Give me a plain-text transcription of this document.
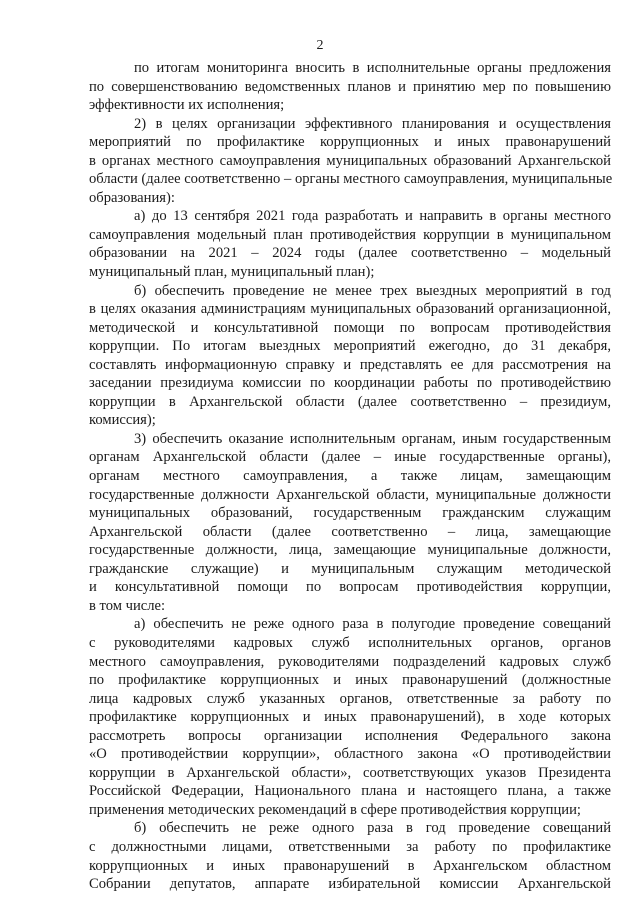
2
по итогам мониторинга вносить в исполнительные органы предложения
по совершенствованию ведомственных планов и принятию мер по повышению
эффективности их исполнения;
2) в целях организации эффективного планирования и осуществления
мероприятий по профилактике коррупционных и иных правонарушений
в органах местного самоуправления муниципальных образований Архангельской
области (далее соответственно – органы местного самоуправления, муниципальные
образования):
а) до 13 сентября 2021 года разработать и направить в органы местного
самоуправления модельный план противодействия коррупции в муниципальном
образовании на 2021 – 2024 годы (далее соответственно – модельный
муниципальный план, муниципальный план);
б) обеспечить проведение не менее трех выездных мероприятий в год
в целях оказания администрациям муниципальных образований организационной,
методической и консультативной помощи по вопросам противодействия
коррупции. По итогам выездных мероприятий ежегодно, до 31 декабря,
составлять информационную справку и представлять ее для рассмотрения на
заседании президиума комиссии по координации работы по противодействию
коррупции в Архангельской области (далее соответственно – президиум,
комиссия);
3) обеспечить оказание исполнительным органам, иным государственным
органам Архангельской области (далее – иные государственные органы),
органам местного самоуправления, а также лицам, замещающим
государственные должности Архангельской области, муниципальные должности
муниципальных образований, государственным гражданским служащим
Архангельской области (далее соответственно – лица, замещающие
государственные должности, лица, замещающие муниципальные должности,
гражданские служащие) и муниципальным служащим методической
и консультативной помощи по вопросам противодействия коррупции,
в том числе:
а) обеспечить не реже одного раза в полугодие проведение совещаний
с руководителями кадровых служб исполнительных органов, органов
местного самоуправления, руководителями подразделений кадровых служб
по профилактике коррупционных и иных правонарушений (должностные
лица кадровых служб указанных органов, ответственные за работу по
профилактике коррупционных и иных правонарушений), в ходе которых
рассмотреть вопросы организации исполнения Федерального закона
«О противодействии коррупции», областного закона «О противодействии
коррупции в Архангельской области», соответствующих указов Президента
Российской Федерации, Национального плана и настоящего плана, а также
применения методических рекомендаций в сфере противодействия коррупции;
б) обеспечить не реже одного раза в год проведение совещаний
с должностными лицами, ответственными за работу по профилактике
коррупционных и иных правонарушений в Архангельском областном
Собрании депутатов, аппарате избирательной комиссии Архангельской
